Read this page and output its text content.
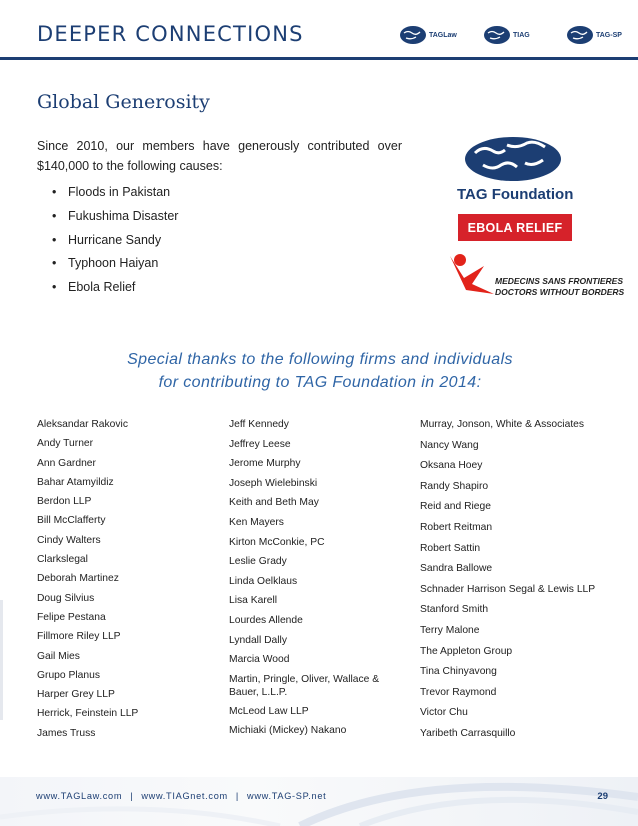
DEEPER CONNECTIONS	TAGLaw	TIAG	TAG-SP
Global Generosity
Since 2010, our members have generously contributed over $140,000 to the following causes:
• Floods in Pakistan
• Fukushima Disaster
• Hurricane Sandy
• Typhoon Haiyan
• Ebola Relief
TAG Foundation
EBOLA RELIEF
MEDECINS SANS FRONTIERES
DOCTORS WITHOUT BORDERS
Special thanks to the following firms and individuals
for contributing to TAG Foundation in 2014:
Aleksandar Rakovic
Andy Turner
Ann Gardner
Bahar Atamyildiz
Berdon LLP
Bill McClafferty
Cindy Walters
Clarkslegal
Deborah Martinez
Doug Silvius
Felipe Pestana
Fillmore Riley LLP
Gail Mies
Grupo Planus
Harper Grey LLP
Herrick, Feinstein LLP
James Truss
Jeff Kennedy
Jeffrey Leese
Jerome Murphy
Joseph Wielebinski
Keith and Beth May
Ken Mayers
Kirton McConkie, PC
Leslie Grady
Linda Oelklaus
Lisa Karell
Lourdes Allende
Lyndall Dally
Marcia Wood
Martin, Pringle, Oliver, Wallace & Bauer, L.L.P.
McLeod Law LLP
Michiaki (Mickey) Nakano
Murray, Jonson, White & Associates
Nancy Wang
Oksana Hoey
Randy Shapiro
Reid and Riege
Robert Reitman
Robert Sattin
Sandra Ballowe
Schnader Harrison Segal & Lewis LLP
Stanford Smith
Terry Malone
The Appleton Group
Tina Chinyavong
Trevor Raymond
Victor Chu
Yaribeth Carrasquillo
www.TAGLaw.com | www.TIAGnet.com | www.TAG-SP.net	29
